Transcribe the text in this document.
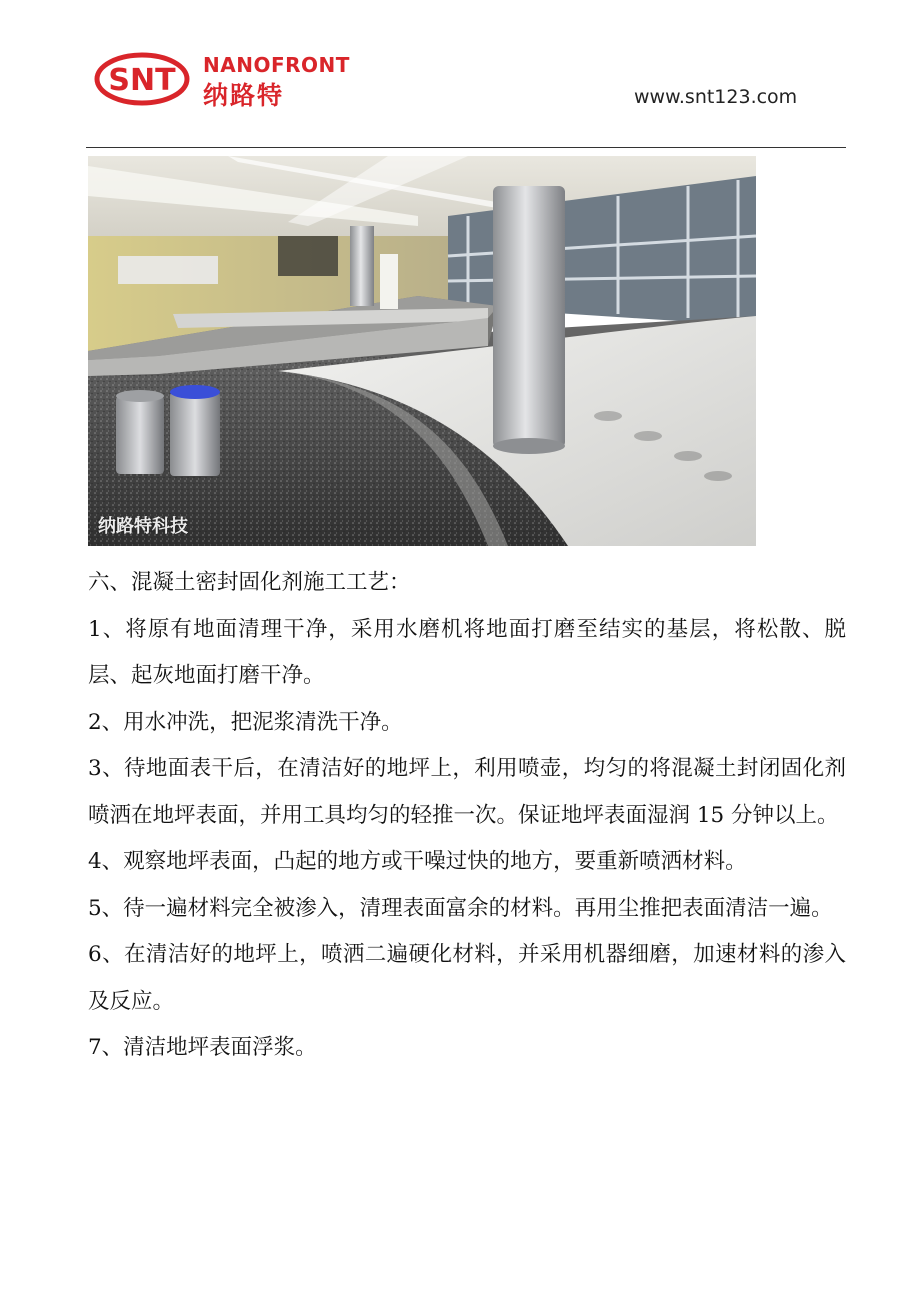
SNT NANOFRONT
纳路特	www.snt123.com
纳路特科技

六、混凝土密封固化剂施工工艺：

1、将原有地面清理干净，采用水磨机将地面打磨至结实的基层，将松散、脱层、起灰地面打磨干净。

2、用水冲洗，把泥浆清洗干净。

3、待地面表干后，在清洁好的地坪上，利用喷壶，均匀的将混凝土封闭固化剂喷洒在地坪表面，并用工具均匀的轻推一次。保证地坪表面湿润 15 分钟以上。

4、观察地坪表面，凸起的地方或干噪过快的地方，要重新喷洒材料。

5、待一遍材料完全被渗入，清理表面富余的材料。再用尘推把表面清洁一遍。

6、在清洁好的地坪上，喷洒二遍硬化材料，并采用机器细磨，加速材料的渗入及反应。

7、清洁地坪表面浮浆。
